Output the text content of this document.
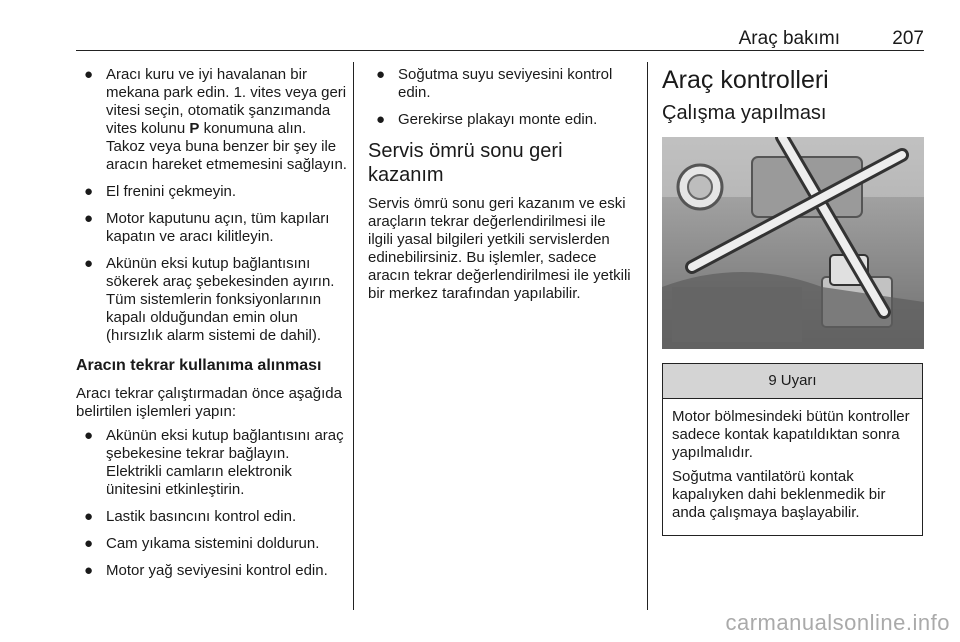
Araç bakımı	207
● Aracı kuru ve iyi havalanan bir mekana park edin. 1. vites veya geri vitesi seçin, otomatik şanzımanda vites kolunu P konumuna alın. Takoz veya buna benzer bir şey ile aracın hareket etmemesini sağlayın.
● El frenini çekmeyin.
● Motor kaputunu açın, tüm kapıları kapatın ve aracı kilitleyin.
● Akünün eksi kutup bağlantısını sökerek araç şebekesinden ayırın. Tüm sistemlerin fonksiyonlarının kapalı olduğundan emin olun (hırsızlık alarm sistemi de dahil).
Aracın tekrar kullanıma alınması
Aracı tekrar çalıştırmadan önce aşağıda belirtilen işlemleri yapın:
● Akünün eksi kutup bağlantısını araç şebekesine tekrar bağlayın. Elektrikli camların elektronik ünitesini etkinleştirin.
● Lastik basıncını kontrol edin.
● Cam yıkama sistemini doldurun.
● Motor yağ seviyesini kontrol edin.
● Soğutma suyu seviyesini kontrol edin.
● Gerekirse plakayı monte edin.
Servis ömrü sonu geri kazanım
Servis ömrü sonu geri kazanım ve eski araçların tekrar değerlendirilmesi ile ilgili yasal bilgileri yetkili servislerden edinebilirsiniz. Bu işlemler, sadece aracın tekrar değerlendirilmesi ile yetkili bir merkez tarafından yapılabilir.
Araç kontrolleri
Çalışma yapılması
9 Uyarı

Motor bölmesindeki bütün kontroller sadece kontak kapatıldıktan sonra yapılmalıdır.

Soğutma vantilatörü kontak kapalıyken dahi beklenmedik bir anda çalışmaya başlayabilir.

carmanualsonline.info
